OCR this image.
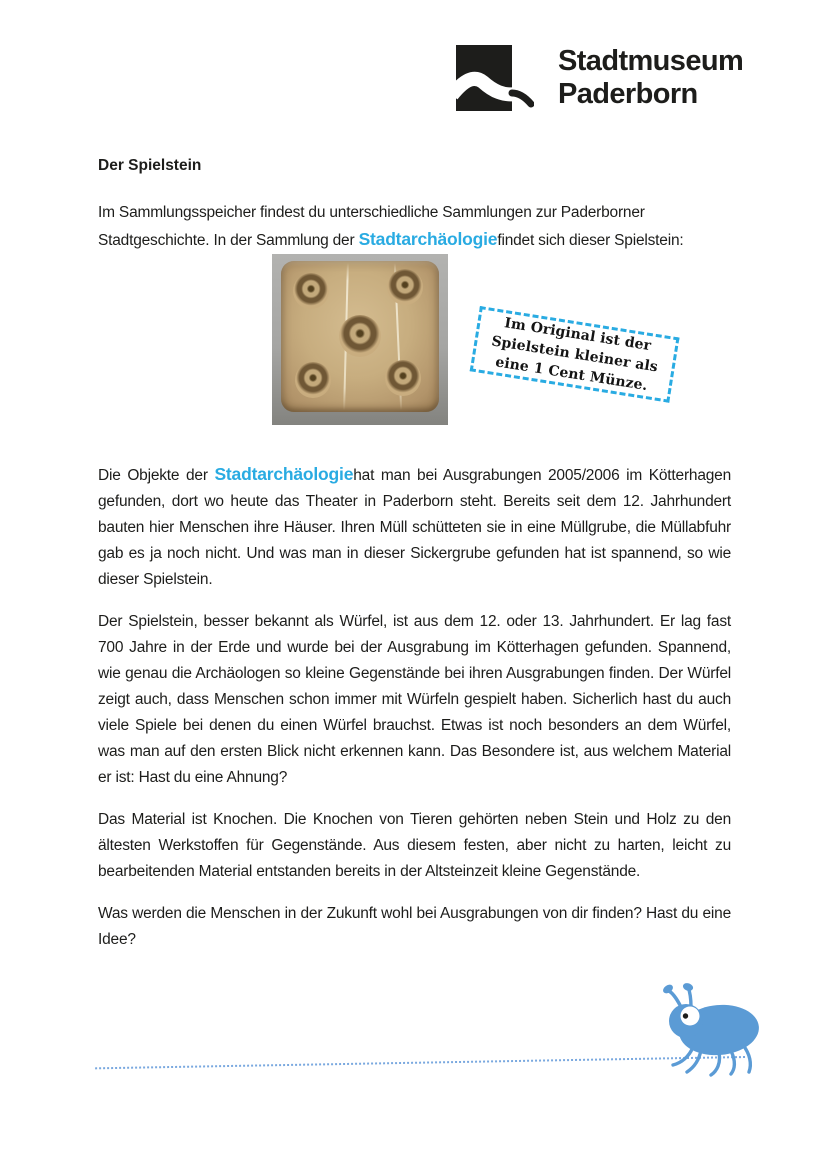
Stadtmuseum
Paderborn
Der Spielstein

Im Sammlungsspeicher findest du unterschiedliche Sammlungen zur Paderborner Stadtgeschichte. In der Sammlung der Stadtarchäologiefindet sich dieser Spielstein:

Im Original ist der Spielstein kleiner als eine 1 Cent Münze.

Die Objekte der Stadtarchäologiehat man bei Ausgrabungen 2005/2006 im Kötterhagen gefunden, dort wo heute das Theater in Paderborn steht. Bereits seit dem 12. Jahrhundert bauten hier Menschen ihre Häuser. Ihren Müll schütteten sie in eine Müllgrube, die Müllabfuhr gab es ja noch nicht. Und was man in dieser Sickergrube gefunden hat ist spannend, so wie dieser Spielstein.

Der Spielstein, besser bekannt als Würfel, ist aus dem 12. oder 13. Jahrhundert. Er lag fast 700 Jahre in der Erde und wurde bei der Ausgrabung im Kötterhagen gefunden. Spannend, wie genau die Archäologen so kleine Gegenstände bei ihren Ausgrabungen finden. Der Würfel zeigt auch, dass Menschen schon immer mit Würfeln gespielt haben. Sicherlich hast du auch viele Spiele bei denen du einen Würfel brauchst. Etwas ist noch besonders an dem Würfel, was man auf den ersten Blick nicht erkennen kann. Das Besondere ist, aus welchem Material er ist: Hast du eine Ahnung?

Das Material ist Knochen. Die Knochen von Tieren gehörten neben Stein und Holz zu den ältesten Werkstoffen für Gegenstände. Aus diesem festen, aber nicht zu harten, leicht zu bearbeitenden Material entstanden bereits in der Altsteinzeit kleine Gegenstände.

Was werden die Menschen in der Zukunft wohl bei Ausgrabungen von dir finden? Hast du eine Idee?
